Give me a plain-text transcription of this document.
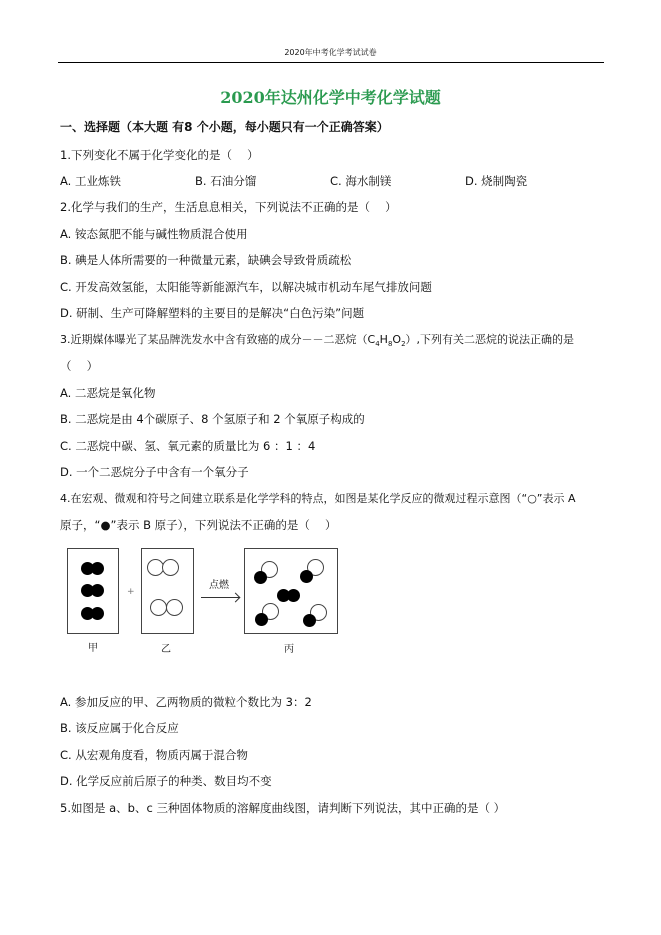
2020年中考化学考试试卷
2020年达州化学中考化学试题
一、选择题（本大题 有8 个小题，每小题只有一个正确答案）
1.下列变化不属于化学变化的是（　 ）
A. 工业炼铁	B. 石油分馏	C. 海水制镁	D. 烧制陶瓷
2.化学与我们的生产，生活息息相关，下列说法不正确的是（　 ）
A. 铵态氮肥不能与碱性物质混合使用
B. 碘是人体所需要的一种微量元素，缺碘会导致骨质疏松
C. 开发高效氢能，太阳能等新能源汽车，以解决城市机动车尾气排放问题
D. 研制、生产可降解塑料的主要目的是解决“白色污染”问题
3.近期媒体曝光了某品牌洗发水中含有致癌的成分－－二恶烷$(C_4H_8O_2)$,下列有关二恶烷的说法正确的是
（　 ）
A. 二恶烷是氧化物
B. 二恶烷是由 4个碳原子、8 个氢原子和 2 个氧原子构成的
C. 二恶烷中碳、氢、氧元素的质量比为 6 ：1 ：4
D. 一个二恶烷分子中含有一个氧分子
4.在宏观、微观和符号之间建立联系是化学学科的特点，如图是某化学反应的微观过程示意图（“○”表示 A
原子，“●”表示 B 原子），下列说法不正确的是（　 ）
+
点燃
甲	乙	丙
A. 参加反应的甲、乙两物质的微粒个数比为 3：2
B. 该反应属于化合反应
C. 从宏观角度看，物质丙属于混合物
D. 化学反应前后原子的种类、数目均不变
5.如图是 a、b、c 三种固体物质的溶解度曲线图，请判断下列说法，其中正确的是（ ）
